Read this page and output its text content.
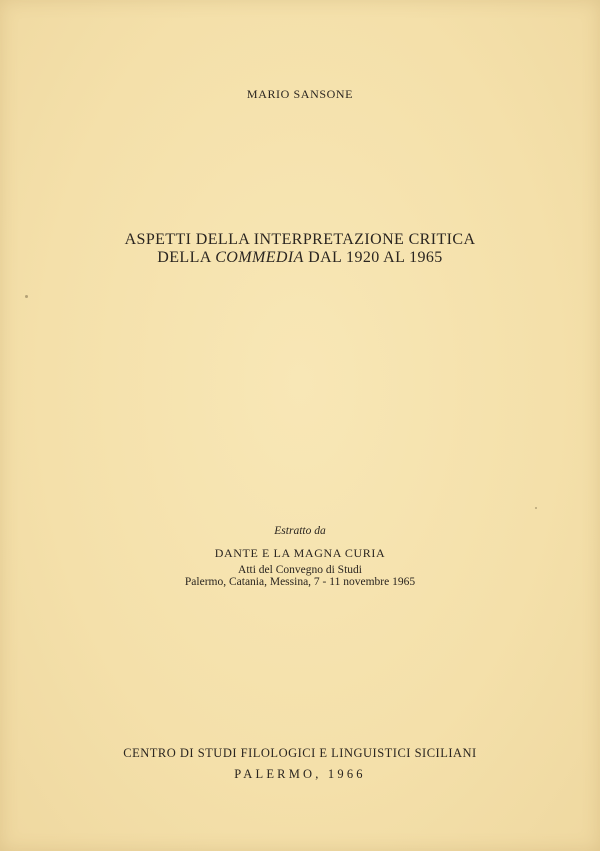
MARIO SANSONE
ASPETTI DELLA INTERPRETAZIONE CRITICA
DELLA COMMEDIA DAL 1920 AL 1965
Estratto da
DANTE E LA MAGNA CURIA
Atti del Convegno di Studi
Palermo, Catania, Messina, 7 - 11 novembre 1965
CENTRO DI STUDI FILOLOGICI E LINGUISTICI SICILIANI
PALERMO, 1966
